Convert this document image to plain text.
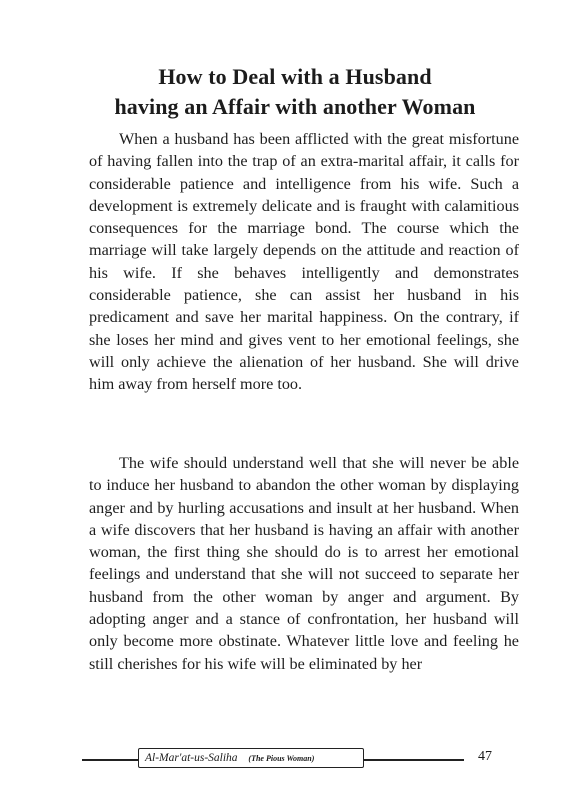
How to Deal with a Husband
having an Affair with another Woman

When a husband has been afflicted with the great misfortune of having fallen into the trap of an extra-marital affair, it calls for considerable patience and intelligence from his wife. Such a development is extremely delicate and is fraught with calamitious consequences for the marriage bond. The course which the marriage will take largely depends on the attitude and reaction of his wife. If she behaves intelligently and demonstrates considerable patience, she can assist her husband in his predicament and save her marital happiness. On the contrary, if she loses her mind and gives vent to her emotional feelings, she will only achieve the alienation of her husband. She will drive him away from herself more too.

The wife should understand well that she will never be able to induce her husband to abandon the other woman by displaying anger and by hurling accusations and insult at her husband. When a wife discovers that her husband is having an affair with another woman, the first thing she should do is to arrest her emotional feelings and understand that she will not succeed to separate her husband from the other woman by anger and argument. By adopting anger and a stance of confrontation, her husband will only become more obstinate. Whatever little love and feeling he still cherishes for his wife will be eliminated by her

Al-Mar'at-us-Saliha (The Pious Woman)	47
